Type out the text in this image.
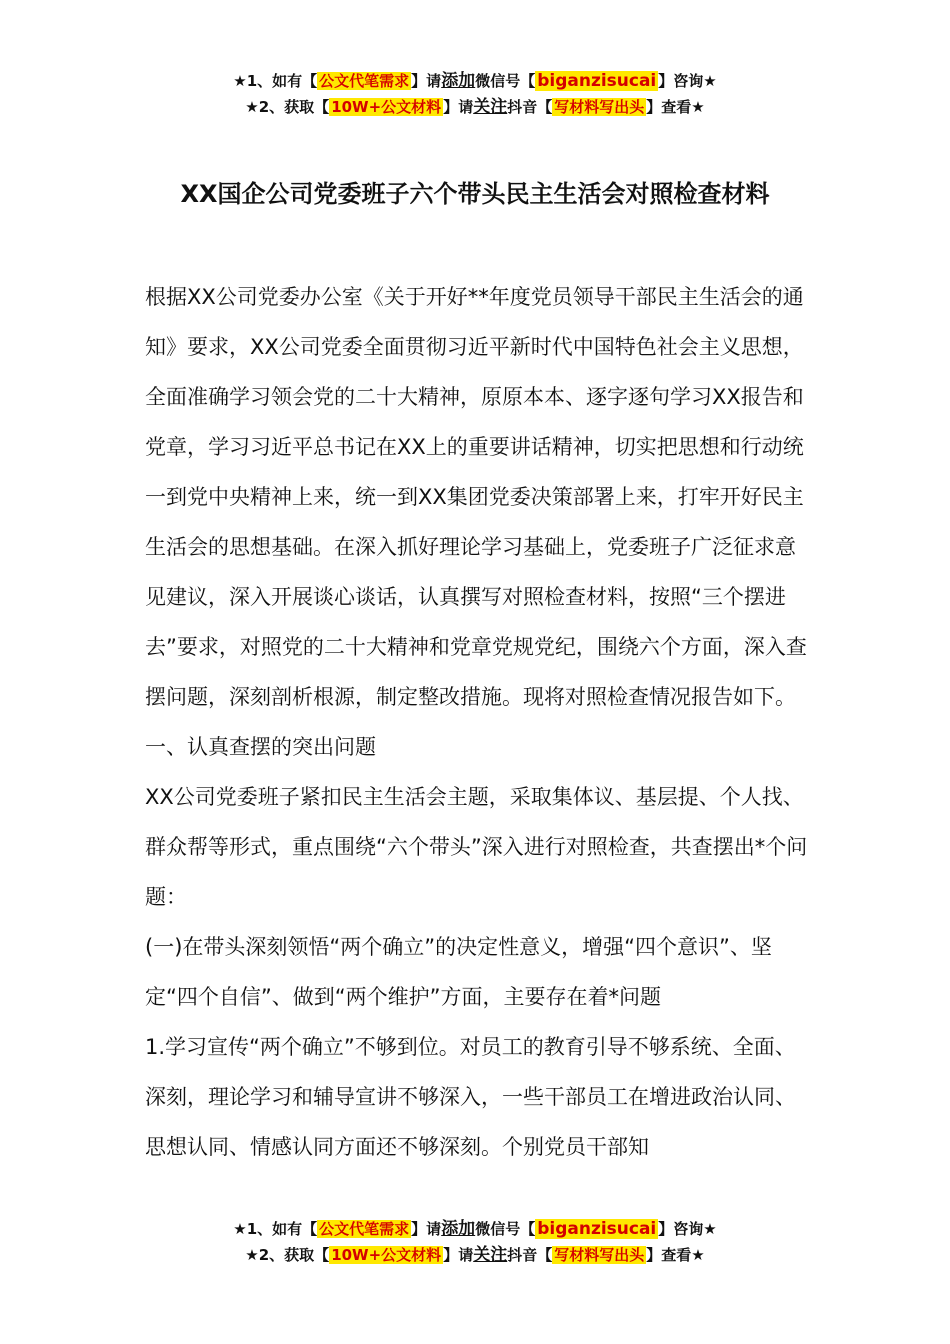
★1、如有【 公文代笔需求 】请添加微信号【 biganzisucai 】咨询★
★2、获取【 10W+公文材料 】请关注抖音【 写材料写出头 】查看★
XX国企公司党委班子六个带头民主生活会对照检查材料

根据XX公司党委办公室《关于开好**年度党员领导干部民主生活会的通知》要求，XX公司党委全面贯彻习近平新时代中国特色社会主义思想，全面准确学习领会党的二十大精神，原原本本、逐字逐句学习XX报告和党章，学习习近平总书记在XX上的重要讲话精神，切实把思想和行动统一到党中央精神上来，统一到XX集团党委决策部署上来，打牢开好民主生活会的思想基础。在深入抓好理论学习基础上，党委班子广泛征求意见建议，深入开展谈心谈话，认真撰写对照检查材料，按照“三个摆进去”要求，对照党的二十大精神和党章党规党纪，围绕六个方面，深入查摆问题，深刻剖析根源，制定整改措施。现将对照检查情况报告如下。

一、认真查摆的突出问题

XX公司党委班子紧扣民主生活会主题，采取集体议、基层提、个人找、群众帮等形式，重点围绕“六个带头”深入进行对照检查，共查摆出*个问题：

(一)在带头深刻领悟“两个确立”的决定性意义，增强“四个意识”、坚定“四个自信”、做到“两个维护”方面，主要存在着*问题

1.学习宣传“两个确立”不够到位。对员工的教育引导不够系统、全面、深刻，理论学习和辅导宣讲不够深入，一些干部员工在增进政治认同、思想认同、情感认同方面还不够深刻。个别党员干部知

★1、如有【 公文代笔需求 】请添加微信号【 biganzisucai 】咨询★
★2、获取【 10W+公文材料 】请关注抖音【 写材料写出头 】查看★
